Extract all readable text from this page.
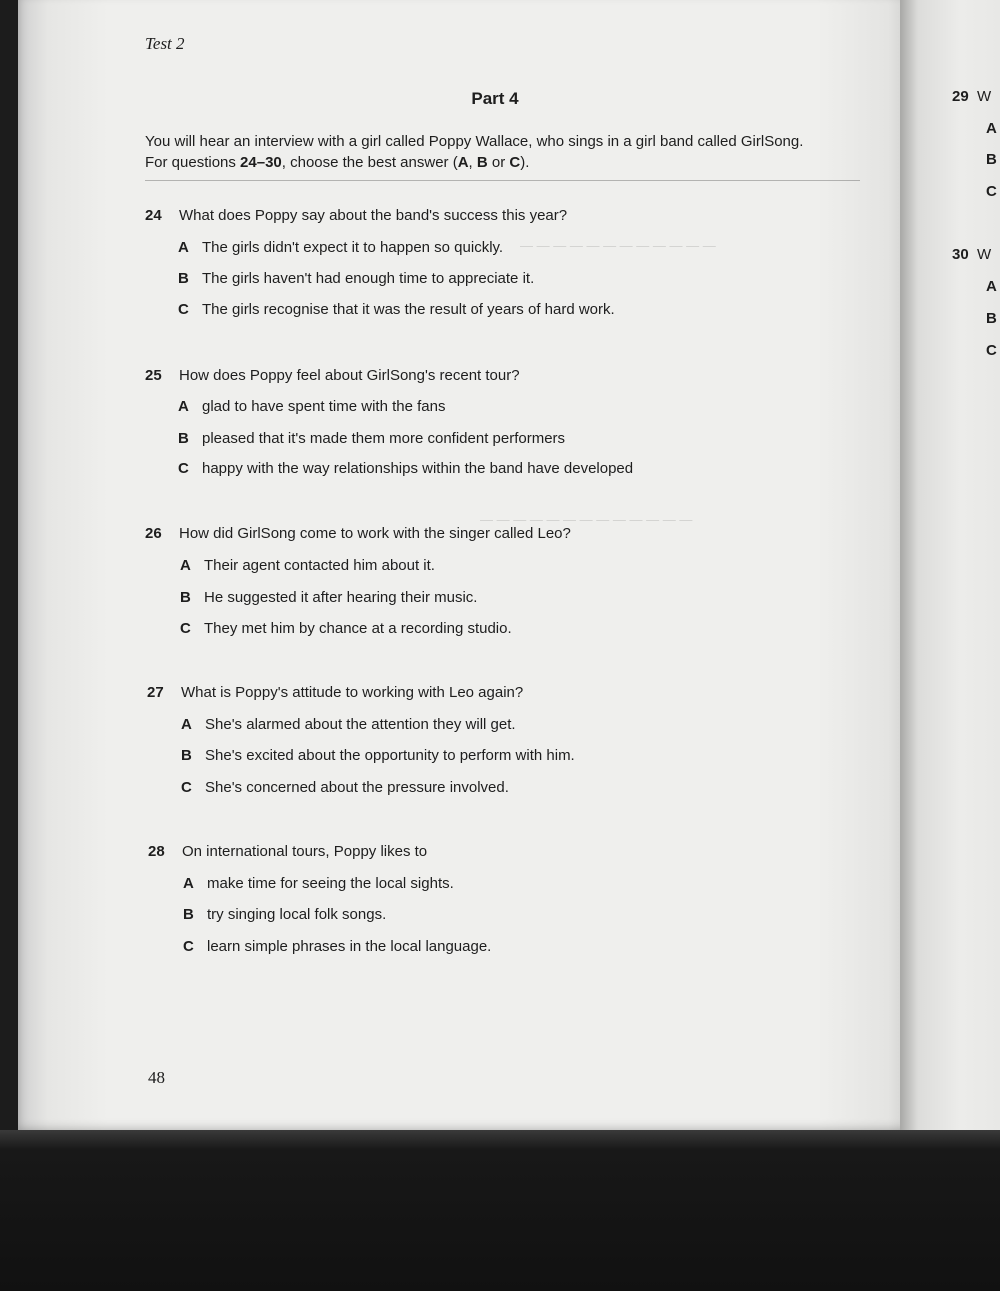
— — — — — — — — — — — —
— — — — — — — — — — — — —
Test 2
Part 4
You will hear an interview with a girl called Poppy Wallace, who sings in a girl band called GirlSong.
For questions 24–30, choose the best answer (A, B or C).
24 What does Poppy say about the band's success this year?
A The girls didn't expect it to happen so quickly.
B The girls haven't had enough time to appreciate it.
C The girls recognise that it was the result of years of hard work.
25 How does Poppy feel about GirlSong's recent tour?
A glad to have spent time with the fans
B pleased that it's made them more confident performers
C happy with the way relationships within the band have developed
26 How did GirlSong come to work with the singer called Leo?
A Their agent contacted him about it.
B He suggested it after hearing their music.
C They met him by chance at a recording studio.
27 What is Poppy's attitude to working with Leo again?
A She's alarmed about the attention they will get.
B She's excited about the opportunity to perform with him.
C She's concerned about the pressure involved.
28 On international tours, Poppy likes to
A make time for seeing the local sights.
B try singing local folk songs.
C learn simple phrases in the local language.
48
29 W
A
B
C
30 W
A
B
C
